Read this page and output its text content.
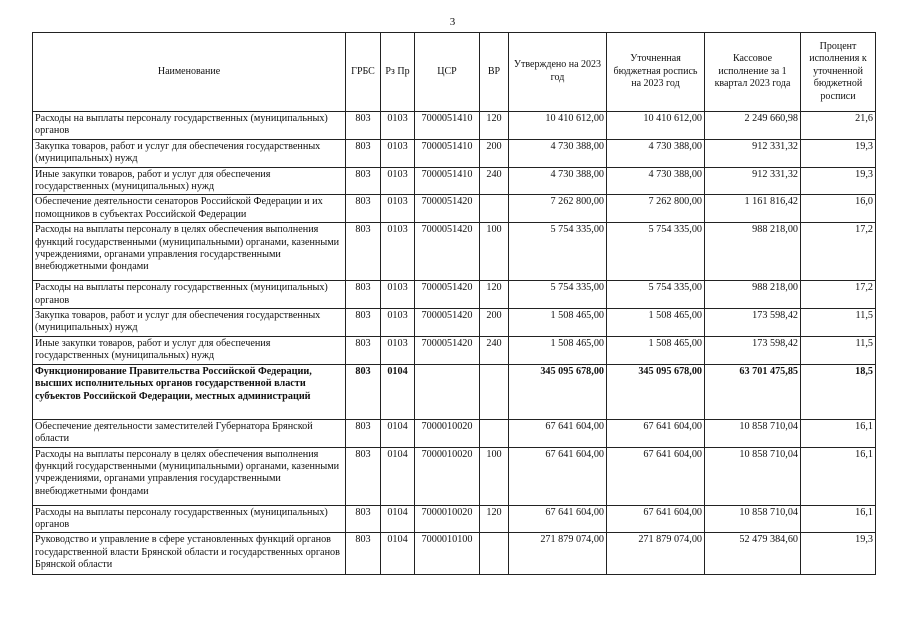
3
Наименование	ГРБС	Рз Пр	ЦСР	ВР	Утверждено на 2023 год	Уточненная бюджетная роспись на 2023 год	Кассовое исполнение за 1 квартал 2023 года	Процент исполнения к уточненной бюджетной росписи
Расходы на выплаты персоналу государственных (муниципальных) органов	803	0103	7000051410	120	10 410 612,00	10 410 612,00	2 249 660,98	21,6
Закупка товаров, работ и услуг для обеспечения государственных (муниципальных) нужд	803	0103	7000051410	200	4 730 388,00	4 730 388,00	912 331,32	19,3
Иные закупки товаров, работ и услуг для обеспечения государственных (муниципальных) нужд	803	0103	7000051410	240	4 730 388,00	4 730 388,00	912 331,32	19,3
Обеспечение деятельности сенаторов Российской Федерации и их помощников в субъектах Российской Федерации	803	0103	7000051420		7 262 800,00	7 262 800,00	1 161 816,42	16,0
Расходы на выплаты персоналу в целях обеспечения выполнения функций государственными (муниципальными) органами, казенными учреждениями, органами управления государственными внебюджетными фондами	803	0103	7000051420	100	5 754 335,00	5 754 335,00	988 218,00	17,2
Расходы на выплаты персоналу государственных (муниципальных) органов	803	0103	7000051420	120	5 754 335,00	5 754 335,00	988 218,00	17,2
Закупка товаров, работ и услуг для обеспечения государственных (муниципальных) нужд	803	0103	7000051420	200	1 508 465,00	1 508 465,00	173 598,42	11,5
Иные закупки товаров, работ и услуг для обеспечения государственных (муниципальных) нужд	803	0103	7000051420	240	1 508 465,00	1 508 465,00	173 598,42	11,5
Функционирование Правительства Российской Федерации, высших исполнительных органов государственной власти субъектов Российской Федерации, местных администраций	803	0104			345 095 678,00	345 095 678,00	63 701 475,85	18,5
Обеспечение деятельности заместителей Губернатора Брянской области	803	0104	7000010020		67 641 604,00	67 641 604,00	10 858 710,04	16,1
Расходы на выплаты персоналу в целях обеспечения выполнения функций государственными (муниципальными) органами, казенными учреждениями, органами управления государственными внебюджетными фондами	803	0104	7000010020	100	67 641 604,00	67 641 604,00	10 858 710,04	16,1
Расходы на выплаты персоналу государственных (муниципальных) органов	803	0104	7000010020	120	67 641 604,00	67 641 604,00	10 858 710,04	16,1
Руководство и управление в сфере установленных функций органов государственной власти Брянской области и государственных органов Брянской области	803	0104	7000010100		271 879 074,00	271 879 074,00	52 479 384,60	19,3
